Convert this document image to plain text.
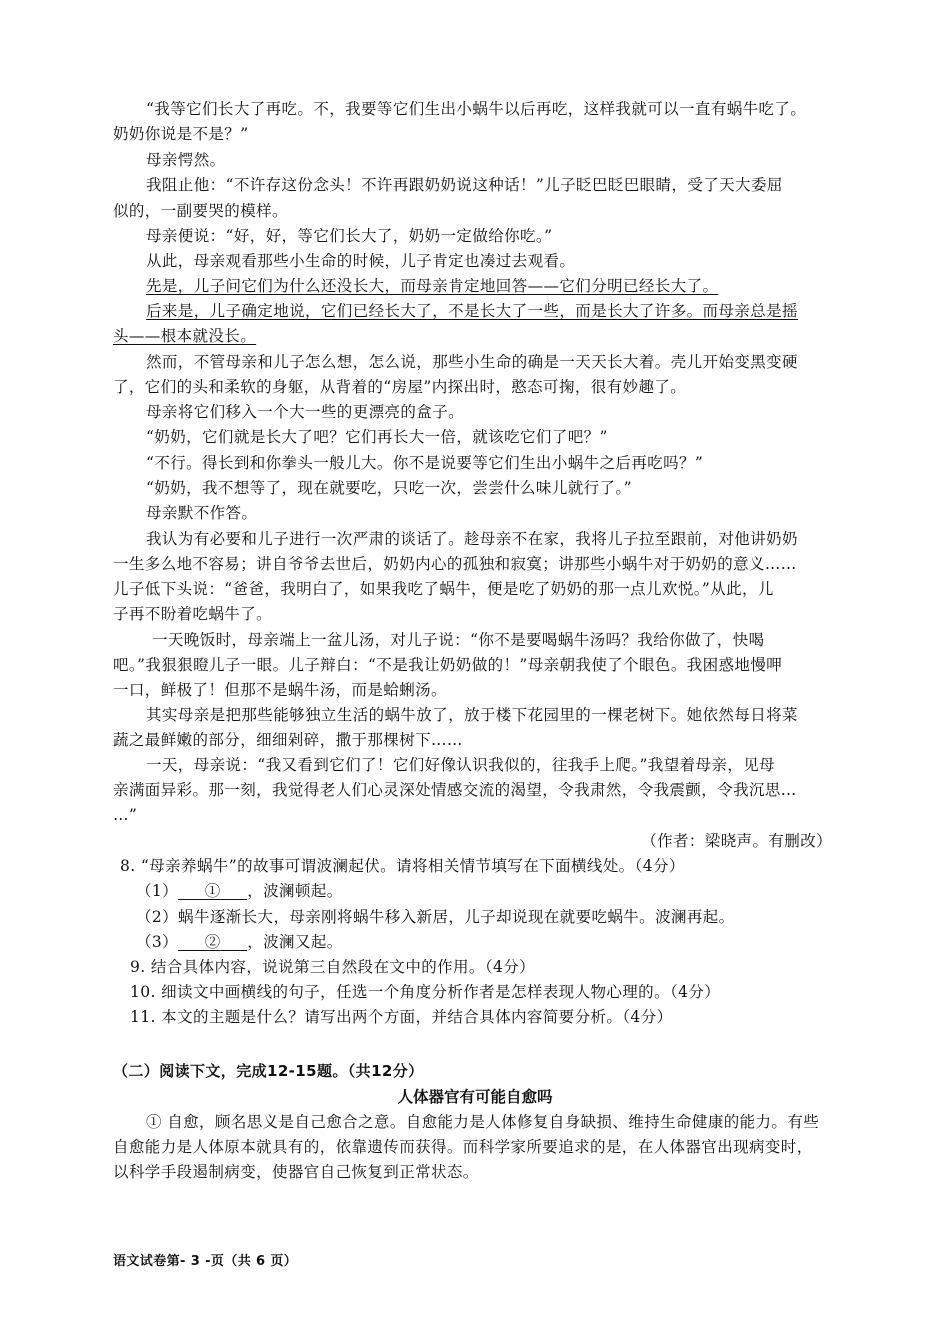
“我等它们长大了再吃。不，我要等它们生出小蜗牛以后再吃，这样我就可以一直有蜗牛吃了。
奶奶你说是不是？”
母亲愕然。
我阻止他：“不许存这份念头！不许再跟奶奶说这种话！”儿子眨巴眨巴眼睛，受了天大委屈
似的，一副要哭的模样。
母亲便说：“好，好，等它们长大了，奶奶一定做给你吃。”
从此，母亲观看那些小生命的时候，儿子肯定也凑过去观看。
先是，儿子问它们为什么还没长大，而母亲肯定地回答——它们分明已经长大了。
后来是，儿子确定地说，它们已经长大了，不是长大了一些，而是长大了许多。而母亲总是摇
头——根本就没长。
然而，不管母亲和儿子怎么想，怎么说，那些小生命的确是一天天长大着。壳儿开始变黑变硬
了，它们的头和柔软的身躯，从背着的“房屋”内探出时，憨态可掬，很有妙趣了。
母亲将它们移入一个大一些的更漂亮的盒子。
“奶奶，它们就是长大了吧？它们再长大一倍，就该吃它们了吧？”
“不行。得长到和你拳头一般儿大。你不是说要等它们生出小蜗牛之后再吃吗？”
“奶奶，我不想等了，现在就要吃，只吃一次，尝尝什么味儿就行了。”
母亲默不作答。
我认为有必要和儿子进行一次严肃的谈话了。趁母亲不在家，我将儿子拉至跟前，对他讲奶奶
一生多么地不容易；讲自爷爷去世后，奶奶内心的孤独和寂寞；讲那些小蜗牛对于奶奶的意义……
儿子低下头说：“爸爸，我明白了，如果我吃了蜗牛，便是吃了奶奶的那一点儿欢悦。”从此，儿
子再不盼着吃蜗牛了。
一天晚饭时，母亲端上一盆儿汤，对儿子说：“你不是要喝蜗牛汤吗？我给你做了，快喝
吧。”我狠狠瞪儿子一眼。儿子辩白：“不是我让奶奶做的！”母亲朝我使了个眼色。我困惑地慢呷
一口，鲜极了！但那不是蜗牛汤，而是蛤蜊汤。
其实母亲是把那些能够独立生活的蜗牛放了，放于楼下花园里的一棵老树下。她依然每日将菜
蔬之最鲜嫩的部分，细细剁碎，撒于那棵树下……
一天，母亲说：“我又看到它们了！它们好像认识我似的，往我手上爬。”我望着母亲，见母
亲满面异彩。那一刻，我觉得老人们心灵深处情感交流的渴望，令我肃然，令我震颤，令我沉思…
…”
（作者：梁晓声。有删改）
8. “母亲养蜗牛”的故事可谓波澜起伏。请将相关情节填写在下面横线处。（4分）
（1） ① ，波澜顿起。
（2）蜗牛逐渐长大，母亲刚将蜗牛移入新居，儿子却说现在就要吃蜗牛。波澜再起。
（3） ② ，波澜又起。
9. 结合具体内容，说说第三自然段在文中的作用。（4分）
10. 细读文中画横线的句子，任选一个角度分析作者是怎样表现人物心理的。（4分）
11. 本文的主题是什么？请写出两个方面，并结合具体内容简要分析。（4分）
（二）阅读下文，完成12-15题。（共12分）
人体器官有可能自愈吗
① 自愈，顾名思义是自己愈合之意。自愈能力是人体修复自身缺损、维持生命健康的能力。有些
自愈能力是人体原本就具有的，依靠遗传而获得。而科学家所要追求的是，在人体器官出现病变时，
以科学手段遏制病变，使器官自己恢复到正常状态。
语文试卷第- 3 -页（共 6 页）
